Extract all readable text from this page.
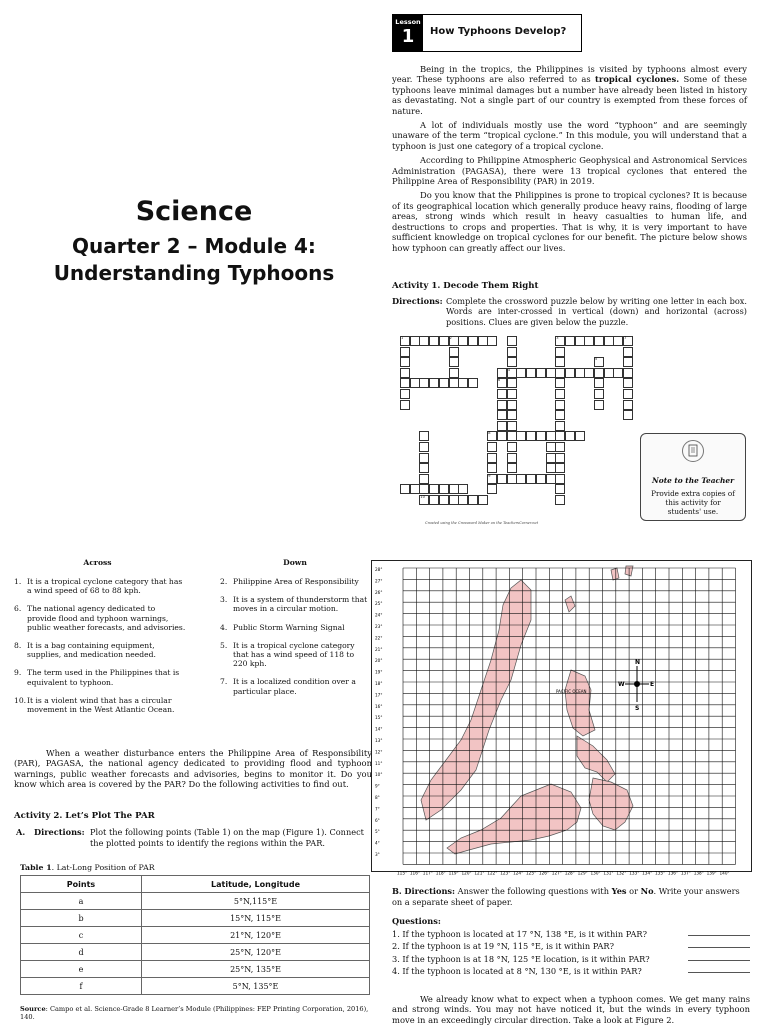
Science
Quarter 2 – Module 4:
Understanding Typhoons
Lesson
1	How Typhoons Develop?

Being in the tropics, the Philippines is visited by typhoons almost every year. These typhoons are also referred to as tropical cyclones. Some of these typhoons leave minimal damages but a number have already been listed in history as devastating. Not a single part of our country is exempted from these forces of nature.

A lot of individuals mostly use the word “typhoon” and are seemingly unaware of the term “tropical cyclone.” In this module, you will understand that a typhoon is just one category of a tropical cyclone.

According to Philippine Atmospheric Geophysical and Astronomical Services Administration (PAGASA), there were 13 tropical cyclones that entered the Philippine Area of Responsibility (PAR) in 2019.

Do you know that the Philippines is prone to tropical cyclones? It is because of its geographical location which generally produce heavy rains, flooding of large areas, strong winds which result in heavy casualties to human life, and destructions to crops and properties. That is why, it is very important to have sufficient knowledge on tropical cyclones for our benefit. The picture below shows how typhoon can greatly affect our lives.

Activity 1. Decode Them Right
Directions: Complete the crossword puzzle below by writing one letter in each box. Words are inter-crossed in vertical (down) and horizontal (across) positions. Clues are given below the puzzle.
1	2	3
4
5
6
7
8
9
10
Created using the Crossword Maker on the TeachersCorner.net
Note to the Teacher
Provide extra copies of this activity for students' use.
Across	Down
1. It is a tropical cyclone category that has a wind speed of 68 to 88 kph.
6. The national agency dedicated to provide flood and typhoon warnings, public weather forecasts, and advisories.
8. It is a bag containing equipment, supplies, and medication needed.
9. The term used in the Philippines that is equivalent to typhoon.
10. It is a violent wind that has a circular movement in the West Atlantic Ocean.
2. Philippine Area of Responsibility
3. It is a system of thunderstorm that moves in a circular motion.
4. Public Storm Warning Signal
5. It is a tropical cyclone category that has a wind speed of 118 to 220 kph.
7. It is a localized condition over a particular place.

When a weather disturbance enters the Philippine Area of Responsibility (PAR), PAGASA, the national agency dedicated to providing flood and typhoon warnings, public weather forecasts and advisories, begins to monitor it. Do you know which area is covered by the PAR? Do the following activities to find out.

Activity 2. Let’s Plot The PAR
A. Directions: Plot the following points (Table 1) on the map (Figure 1). Connect the plotted points to identify the regions within the PAR.
Table 1. Lat-Long Position of PAR
Points	Latitude, Longitude
a	5°N,115°E
b	15°N, 115°E
c	21°N, 120°E
d	25°N, 120°E
e	25°N, 135°E
f	5°N, 135°E
Source: Campo et al. Science-Grade 8 Learner’s Module (Philippines: FEP Printing Corporation, 2016), 140.
28°
27°
26°
25°
24°
23°
22°
21°
20°
19°
18°
17°
16°
15°
14°
13°
12°
11°
10°
9°
8°
7°
6°
5°
4°
3°
115° 116° 117° 118° 119° 120° 121° 122° 123° 124° 125° 126° 127° 128° 129° 130° 131° 132° 133° 134° 135° 136° 137° 138° 139° 140°
PACIFIC OCEAN
N
S
E
W
B. Directions: Answer the following questions with Yes or No. Write your answers on a separate sheet of paper.
Questions:
1. If the typhoon is located at 17 °N, 138 °E, is it within PAR?
2. If the typhoon is at 19 °N, 115 °E, is it within PAR?
3. If the typhoon is at 18 °N, 125 °E location, is it within PAR?
4. If the typhoon is located at 8 °N, 130 °E, is it within PAR?

We already know what to expect when a typhoon comes. We get many rains and strong winds. You may not have noticed it, but the winds in every typhoon move in an exceedingly circular direction. Take a look at Figure 2.
